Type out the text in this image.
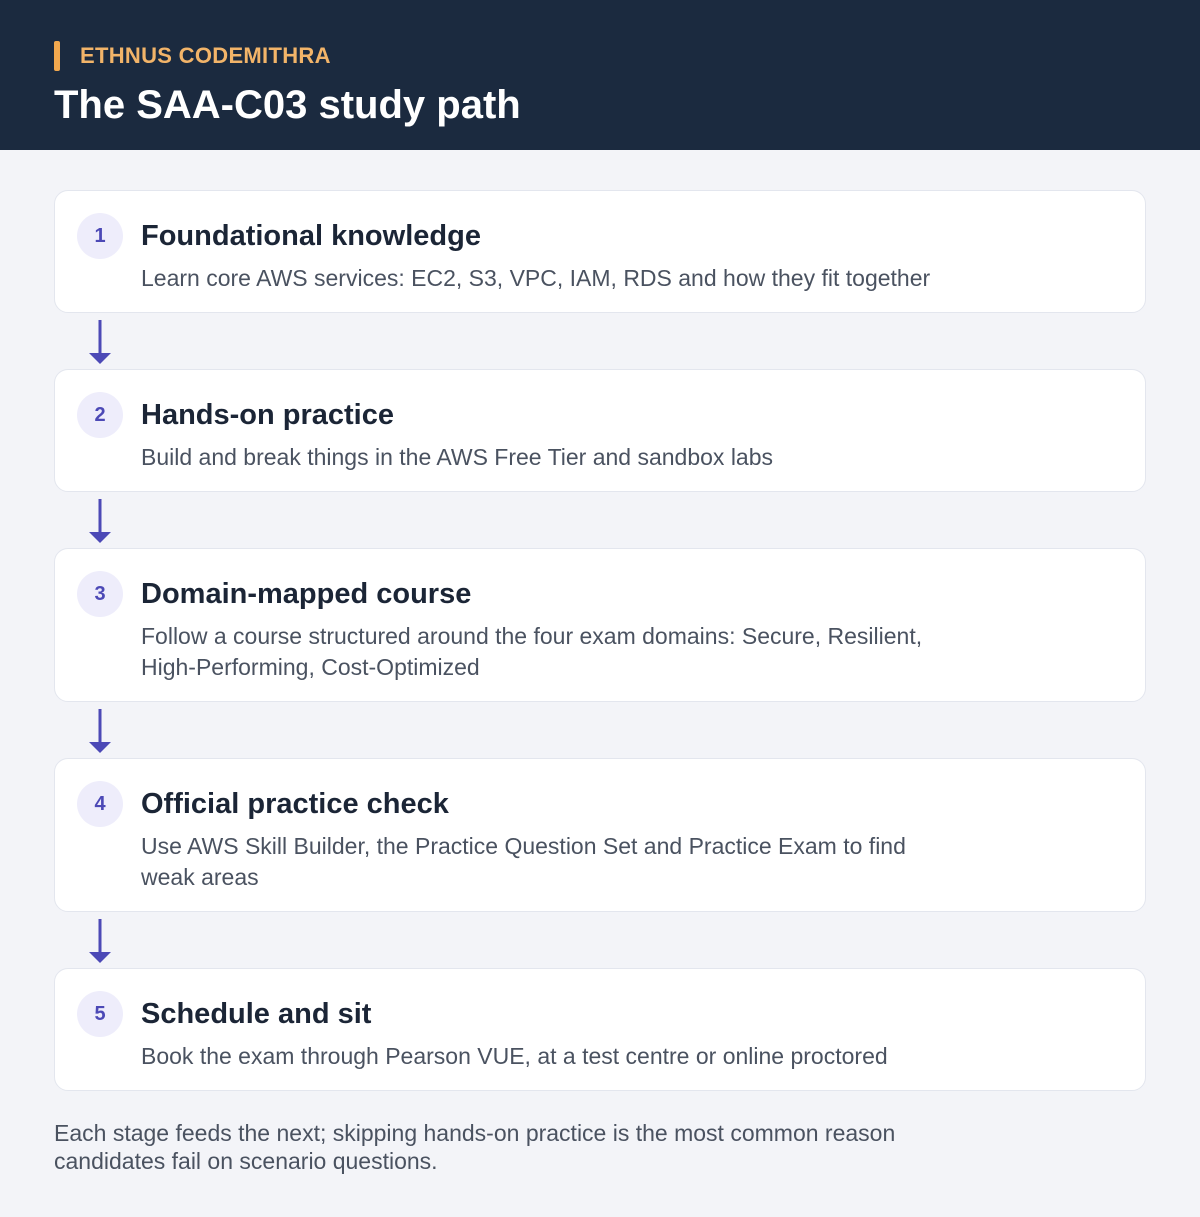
ETHNUS CODEMITHRA
The SAA-C03 study path
1	Foundational knowledge
Learn core AWS services: EC2, S3, VPC, IAM, RDS and how they fit together
2	Hands-on practice
Build and break things in the AWS Free Tier and sandbox labs
3	Domain-mapped course
Follow a course structured around the four exam domains: Secure, Resilient, High-Performing, Cost-Optimized
4	Official practice check
Use AWS Skill Builder, the Practice Question Set and Practice Exam to find weak areas
5	Schedule and sit
Book the exam through Pearson VUE, at a test centre or online proctored
Each stage feeds the next; skipping hands-on practice is the most common reason candidates fail on scenario questions.
